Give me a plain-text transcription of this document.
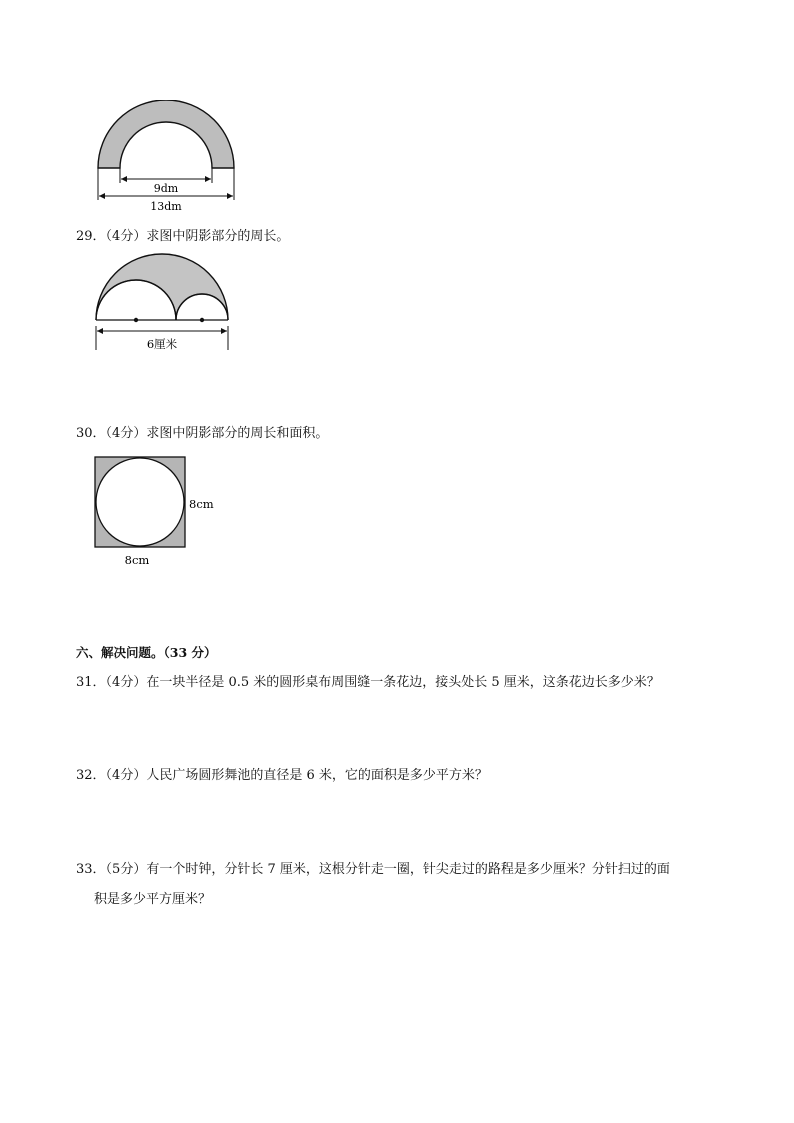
9dm
13dm
29．（4分）求图中阴影部分的周长。
6厘米
30．（4分）求图中阴影部分的周长和面积。
8cm
8cm
六、解决问题。（33 分）
31．（4分）在一块半径是 0.5 米的圆形桌布周围缝一条花边，接头处长 5 厘米，这条花边长多少米？
32．（4分）人民广场圆形舞池的直径是 6 米，它的面积是多少平方米？
33．（5分）有一个时钟，分针长 7 厘米，这根分针走一圈，针尖走过的路程是多少厘米？分针扫过的面
积是多少平方厘米？
